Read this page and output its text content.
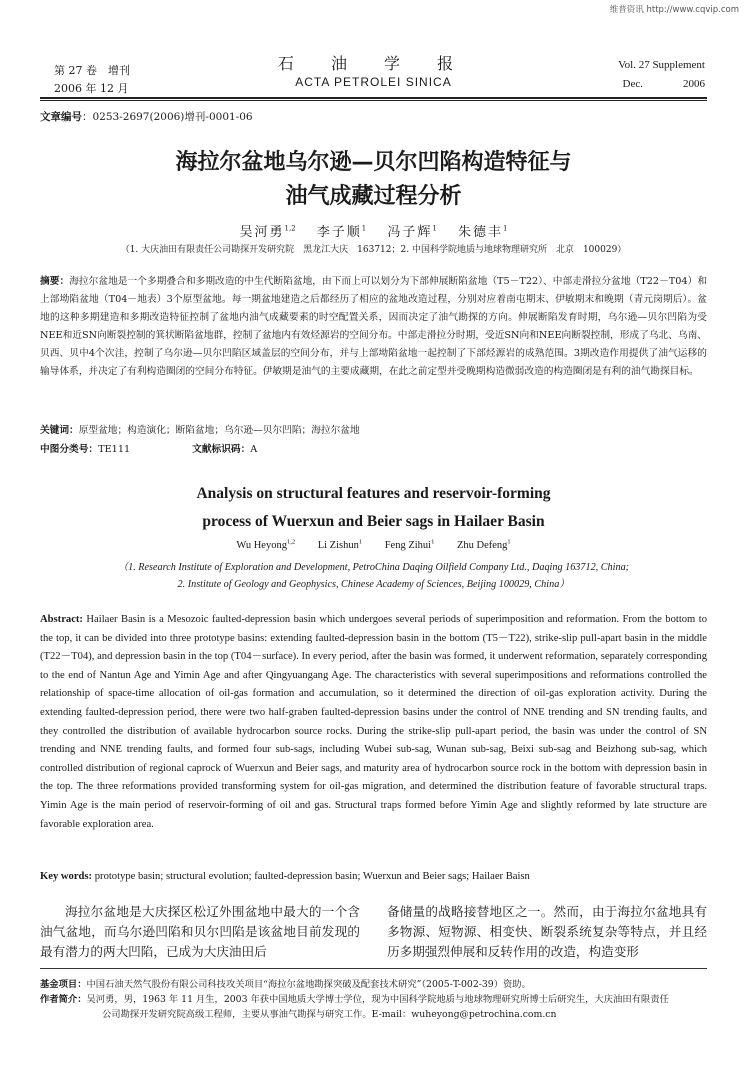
维普资讯 http://www.cqvip.com
第 27 卷　增刊
2006 年 12 月
石 油 学 报
ACTA PETROLEI SINICA
Vol. 27 Supplement
Dec.	2006
文章编号：0253-2697(2006)增刊-0001-06
海拉尔盆地乌尔逊—贝尔凹陷构造特征与
油气成藏过程分析
吴河勇$^{1,2}$　 李子顺$^1$　 冯子辉$^1$　 朱德丰$^1$
（1. 大庆油田有限责任公司勘探开发研究院　黑龙江大庆　163712；2. 中国科学院地质与地球物理研究所　北京　100029）
摘要：海拉尔盆地是一个多期叠合和多期改造的中生代断陷盆地，由下而上可以划分为下部伸展断陷盆地（T5－T22）、中部走滑拉分盆地（T22－T04）和上部坳陷盆地（T04－地表）3个原型盆地。每一期盆地建造之后都经历了相应的盆地改造过程，分别对应着南屯期末、伊敏期末和晚期（青元岗期后）。盆地的这种多期建造和多期改造特征控制了盆地内油气成藏要素的时空配置关系，因而决定了油气勘探的方向。伸展断陷发育时期，乌尔逊—贝尔凹陷为受NEE和近SN向断裂控制的箕状断陷盆地群，控制了盆地内有效烃源岩的空间分布。中部走滑拉分时期，受近SN向和NEE向断裂控制，形成了乌北、乌南、贝西、贝中4个次洼，控制了乌尔逊—贝尔凹陷区域盖层的空间分布，并与上部坳陷盆地一起控制了下部烃源岩的成熟范围。3期改造作用提供了油气运移的输导体系，并决定了有利构造圈闭的空间分布特征。伊敏期是油气的主要成藏期，在此之前定型并受晚期构造微弱改造的构造圈闭是有利的油气勘探目标。
关键词：原型盆地；构造演化；断陷盆地；乌尔逊—贝尔凹陷；海拉尔盆地
中图分类号：TE111	文献标识码：A
Analysis on structural features and reservoir-forming
process of Wuerxun and Beier sags in Hailaer Basin
Wu Heyong$^{1,2}$ Li Zishun$^1$ Feng Zihui$^1$ Zhu Defeng$^1$
（1. Research Institute of Exploration and Development, PetroChina Daqing Oilfield Company Ltd., Daqing 163712, China;
2. Institute of Geology and Geophysics, Chinese Academy of Sciences, Beijing 100029, China）
Abstract: Hailaer Basin is a Mesozoic faulted-depression basin which undergoes several periods of superimposition and reformation. From the bottom to the top, it can be divided into three prototype basins: extending faulted-depression basin in the bottom (T5－T22), strike-slip pull-apart basin in the middle (T22－T04), and depression basin in the top (T04－surface). In every period, after the basin was formed, it underwent reformation, separately corresponding to the end of Nantun Age and Yimin Age and after Qingyuangang Age. The characteristics with several superimpositions and reformations controlled the relationship of space-time allocation of oil-gas formation and accumulation, so it determined the direction of oil-gas exploration activity. During the extending faulted-depression period, there were two half-graben faulted-depression basins under the control of NNE trending and SN trending faults, and they controlled the distribution of available hydrocarbon source rocks. During the strike-slip pull-apart period, the basin was under the control of SN trending and NNE trending faults, and formed four sub-sags, including Wubei sub-sag, Wunan sub-sag, Beixi sub-sag and Beizhong sub-sag, which controlled distribution of regional caprock of Wuerxun and Beier sags, and maturity area of hydrocarbon source rock in the bottom with depression basin in the top. The three reformations provided transforming system for oil-gas migration, and determined the distribution feature of favorable structural traps. Yimin Age is the main period of reservoir-forming of oil and gas. Structural traps formed before Yimin Age and slightly reformed by late structure are favorable exploration area.
Key words: prototype basin; structural evolution; faulted-depression basin; Wuerxun and Beier sags; Hailaer Baisn

海拉尔盆地是大庆探区松辽外围盆地中最大的一个含油气盆地，而乌尔逊凹陷和贝尔凹陷是该盆地目前发现的最有潜力的两大凹陷，已成为大庆油田后

备储量的战略接替地区之一。然而，由于海拉尔盆地具有多物源、短物源、相变快、断裂系统复杂等特点，并且经历多期强烈伸展和反转作用的改造，构造变形

基金项目：中国石油天然气股份有限公司科技攻关项目“海拉尔盆地勘探突破及配套技术研究”（2005-T-002-39）资助。
作者简介：吴河勇，男，1963 年 11 月生，2003 年获中国地质大学博士学位，现为中国科学院地质与地球物理研究所博士后研究生，大庆油田有限责任
公司勘探开发研究院高级工程师，主要从事油气勘探与研究工作。E-mail：wuheyong@petrochina.com.cn
